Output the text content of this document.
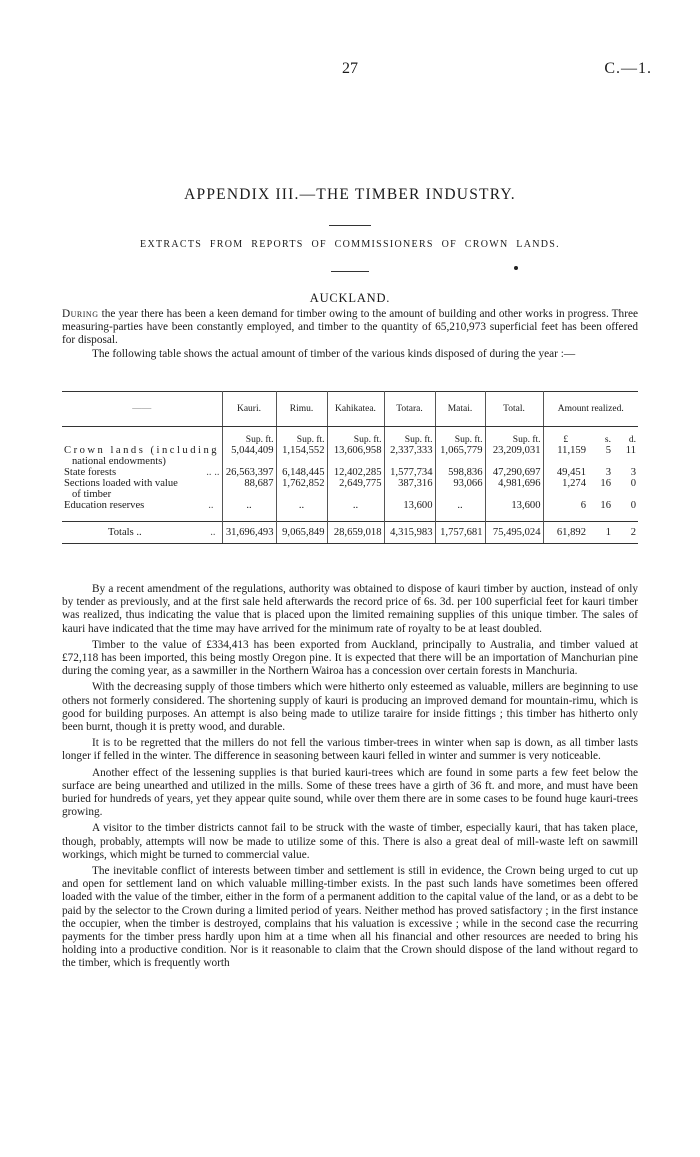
27	C.—1.
APPENDIX III.—THE TIMBER INDUSTRY.
EXTRACTS FROM REPORTS OF COMMISSIONERS OF CROWN LANDS.
AUCKLAND.

During the year there has been a keen demand for timber owing to the amount of building and other works in progress. Three measuring-parties have been constantly employed, and timber to the quantity of 65,210,973 superficial feet has been offered for disposal.

The following table shows the actual amount of timber of the various kinds disposed of during the year :—

——	Kauri.	Rimu.	Kahikatea.	Totara.	Matai.	Total.	Amount realized.		
	Sup. ft.	Sup. ft.	Sup. ft.	Sup. ft.	Sup. ft.	Sup. ft.	£	s.	d.
Crown lands (including	5,044,409	1,154,552	13,606,958	2,337,333	1,065,779	23,209,031	11,159	5	11
national endowments)									
State forests .. ..	26,563,397	6,148,445	12,402,285	1,577,734	598,836	47,290,697	49,451	3	3
Sections loaded with value	88,687	1,762,852	2,649,775	387,316	93,066	4,981,696	1,274	16	0
of timber									
Education reserves ..	..	..	..	13,600	..	13,600	6	16	0
Totals .. ..	31,696,493	9,065,849	28,659,018	4,315,983	1,757,681	75,495,024	61,892	1	2

By a recent amendment of the regulations, authority was obtained to dispose of kauri timber by auction, instead of only by tender as previously, and at the first sale held afterwards the record price of 6s. 3d. per 100 superficial feet for kauri timber was realized, thus indicating the value that is placed upon the limited remaining supplies of this unique timber. The sales of kauri have indicated that the time may have arrived for the minimum rate of royalty to be at least doubled.

Timber to the value of £334,413 has been exported from Auckland, principally to Australia, and timber valued at £72,118 has been imported, this being mostly Oregon pine. It is expected that there will be an importation of Manchurian pine during the coming year, as a sawmiller in the Northern Wairoa has a concession over certain forests in Manchuria.

With the decreasing supply of those timbers which were hitherto only esteemed as valuable, millers are beginning to use others not formerly considered. The shortening supply of kauri is producing an improved demand for mountain-rimu, which is good for building purposes. An attempt is also being made to utilize taraire for inside fittings ; this timber has hitherto only been burnt, though it is pretty wood, and durable.

It is to be regretted that the millers do not fell the various timber-trees in winter when sap is down, as all timber lasts longer if felled in the winter. The difference in seasoning between kauri felled in winter and summer is very noticeable.

Another effect of the lessening supplies is that buried kauri-trees which are found in some parts a few feet below the surface are being unearthed and utilized in the mills. Some of these trees have a girth of 36 ft. and more, and must have been buried for hundreds of years, yet they appear quite sound, while over them there are in some cases to be found huge kauri-trees growing.

A visitor to the timber districts cannot fail to be struck with the waste of timber, especially kauri, that has taken place, though, probably, attempts will now be made to utilize some of this. There is also a great deal of mill-waste left on sawmill workings, which might be turned to commercial value.

The inevitable conflict of interests between timber and settlement is still in evidence, the Crown being urged to cut up and open for settlement land on which valuable milling-timber exists. In the past such lands have sometimes been offered loaded with the value of the timber, either in the form of a permanent addition to the capital value of the land, or as a debt to be paid by the selector to the Crown during a limited period of years. Neither method has proved satisfactory ; in the first instance the occupier, when the timber is destroyed, complains that his valuation is excessive ; while in the second case the recurring payments for the timber press hardly upon him at a time when all his financial and other resources are needed to bring his holding into a productive condition. Nor is it reasonable to claim that the Crown should dispose of the land without regard to the timber, which is frequently worth
